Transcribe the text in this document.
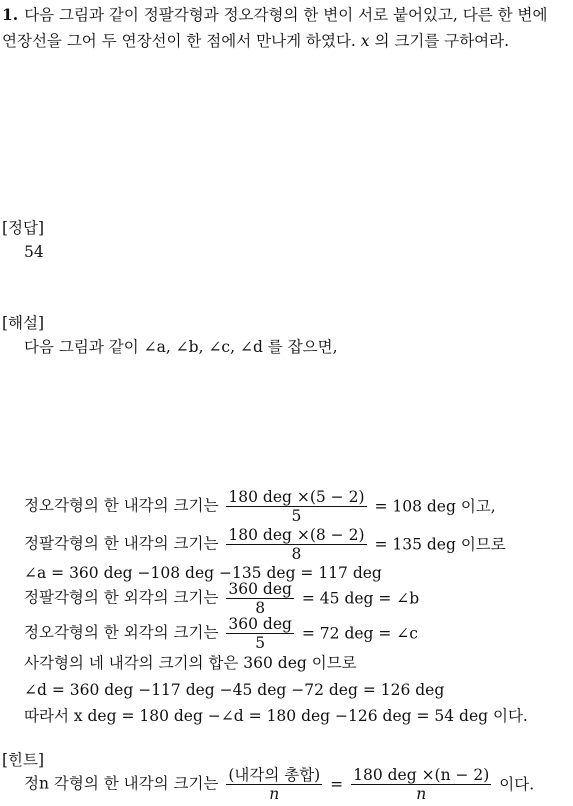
1. 다음 그림과 같이 정팔각형과 정오각형의 한 변이 서로 붙어있고, 다른 한 변에 연장선을 그어 두 연장선이 한 점에서 만나게 하였다. x 의 크기를 구하여라.
[정답]
54
[해설]
다음 그림과 같이 ∠a, ∠b, ∠c, ∠d 를 잡으면,
정오각형의 한 내각의 크기는 $\frac{\text{180 deg ×(5 − 2)}}{5} = 108$ deg 이고,
정팔각형의 한 내각의 크기는 $\frac{\text{180 deg ×(8 − 2)}}{8} = 135$ deg 이므로
∠a = 360 deg −108 deg −135 deg = 117 deg
정팔각형의 한 외각의 크기는 $\frac{\text{360 deg}}{8} = 45$ deg = ∠b
정오각형의 한 외각의 크기는 $\frac{\text{360 deg}}{5} = 72$ deg = ∠c
사각형의 네 내각의 크기의 합은 360 deg 이므로
∠d = 360 deg −117 deg −45 deg −72 deg = 126 deg
따라서 x deg = 180 deg −∠d = 180 deg −126 deg = 54 deg 이다.
[힌트]
정n 각형의 한 내각의 크기는 $\frac{\text{(내각의 총합)}}{n} = \frac{\text{180 deg ×(n − 2)}}{n}$ 이다.
